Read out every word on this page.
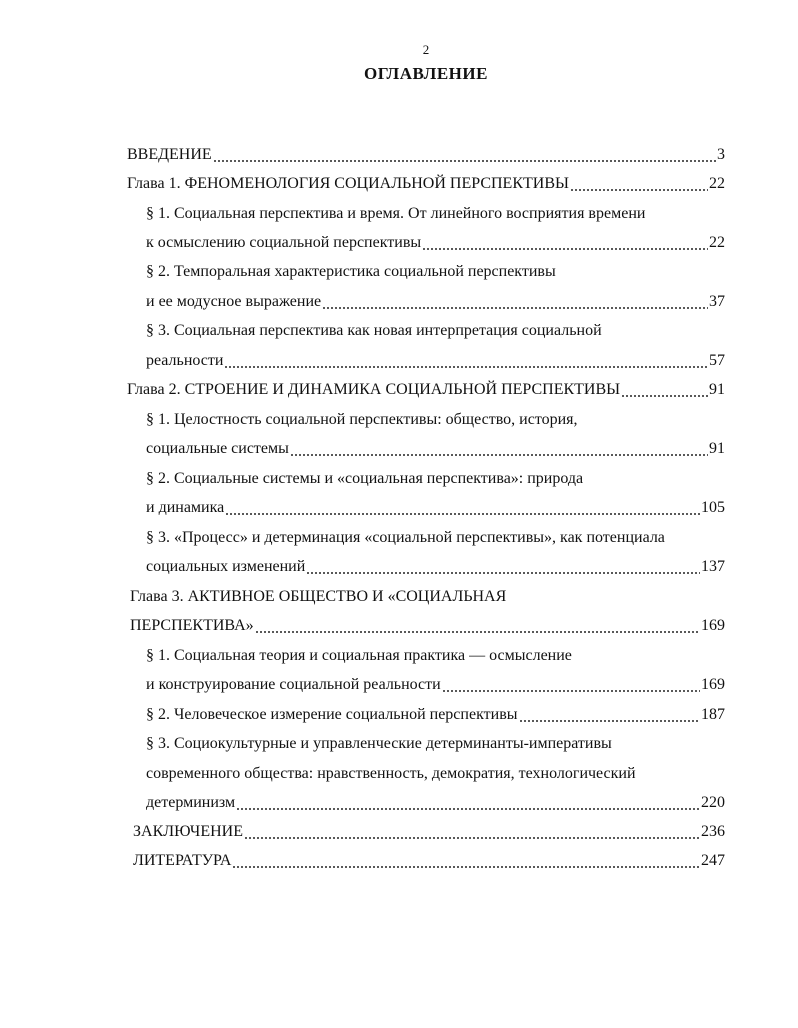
2
ОГЛАВЛЕНИЕ
ВВЕДЕНИЕ	3
Глава 1. ФЕНОМЕНОЛОГИЯ СОЦИАЛЬНОЙ ПЕРСПЕКТИВЫ	22
§ 1. Социальная перспектива и время. От линейного восприятия времени
к осмыслению социальной перспективы	22
§ 2. Темпоральная характеристика социальной перспективы
и ее модусное выражение	37
§ 3. Социальная перспектива как новая интерпретация социальной
реальности	57
Глава 2. СТРОЕНИЕ И ДИНАМИКА СОЦИАЛЬНОЙ ПЕРСПЕКТИВЫ	91
§ 1. Целостность социальной перспективы: общество, история,
социальные системы	91
§ 2. Социальные системы и «социальная перспектива»: природа
и динамика	105
§ 3. «Процесс» и детерминация «социальной перспективы», как потенциала
социальных изменений	137
Глава 3. АКТИВНОЕ ОБЩЕСТВО И «СОЦИАЛЬНАЯ
ПЕРСПЕКТИВА»	169
§ 1. Социальная теория и социальная практика — осмысление
и конструирование социальной реальности	169
§ 2. Человеческое измерение социальной перспективы	187
§ 3. Социокультурные и управленческие детерминанты-императивы
современного общества: нравственность, демократия, технологический
детерминизм	220
ЗАКЛЮЧЕНИЕ	236
ЛИТЕРАТУРА	247
